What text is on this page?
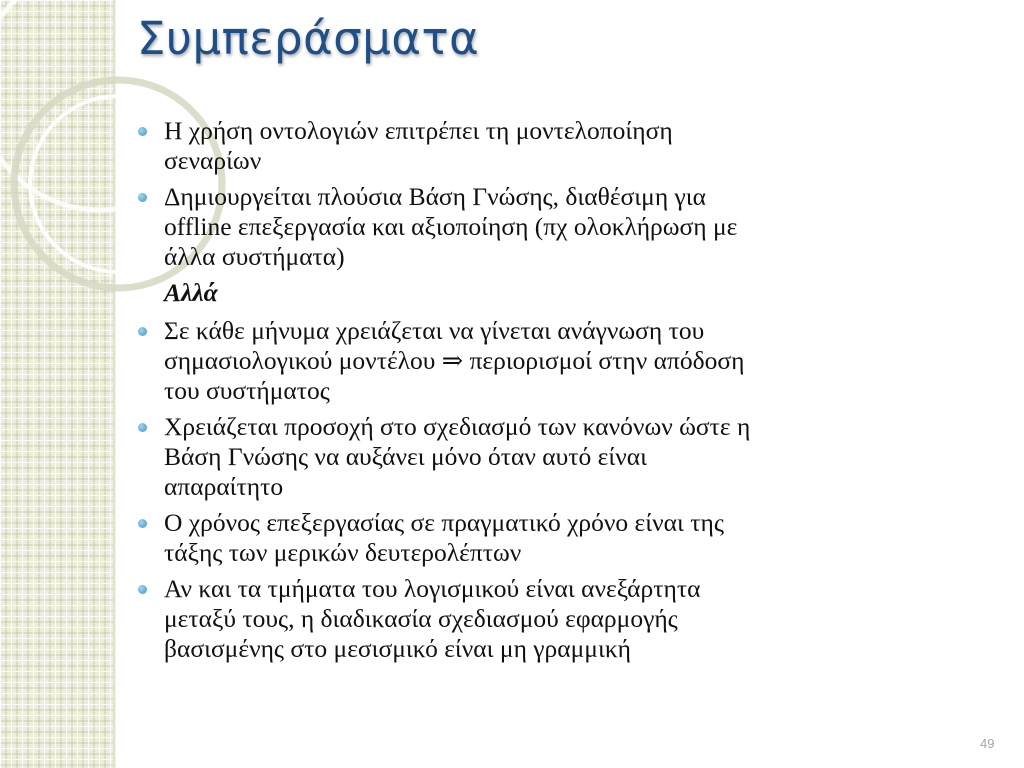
Συμπεράσματα
Η χρήση οντολογιών επιτρέπει τη μοντελοποίηση
σεναρίων
Δημιουργείται πλούσια Βάση Γνώσης, διαθέσιμη για
offline επεξεργασία και αξιοποίηση (πχ ολοκλήρωση με
άλλα συστήματα)
Αλλά
Σε κάθε μήνυμα χρειάζεται να γίνεται ανάγνωση του
σημασιολογικού μοντέλου ⇒ περιορισμοί στην απόδοση
του συστήματος
Χρειάζεται προσοχή στο σχεδιασμό των κανόνων ώστε η
Βάση Γνώσης να αυξάνει μόνο όταν αυτό είναι
απαραίτητο
Ο χρόνος επεξεργασίας σε πραγματικό χρόνο είναι της
τάξης των μερικών δευτερολέπτων
Αν και τα τμήματα του λογισμικού είναι ανεξάρτητα
μεταξύ τους, η διαδικασία σχεδιασμού εφαρμογής
βασισμένης στο μεσισμικό είναι μη γραμμική
49
